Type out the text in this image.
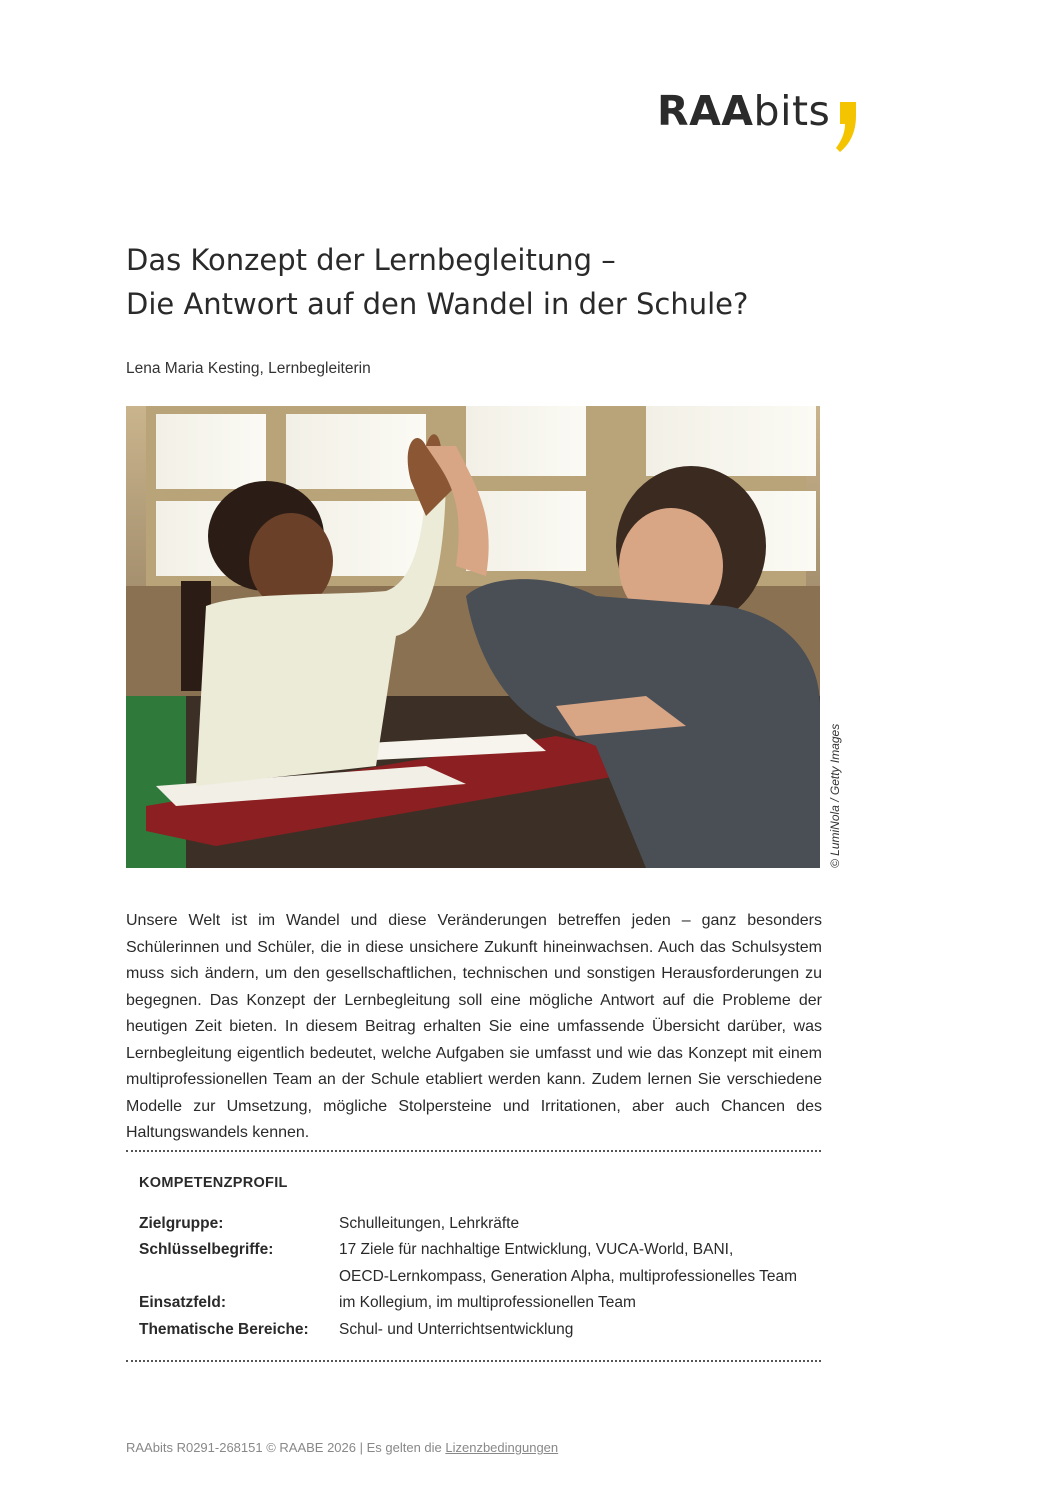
RAAbits
Das Konzept der Lernbegleitung –
Die Antwort auf den Wandel in der Schule?
Lena Maria Kesting, Lernbegleiterin
© LumiNola / Getty Images
Unsere Welt ist im Wandel und diese Veränderungen betreffen jeden – ganz besonders Schülerinnen und Schüler, die in diese unsichere Zukunft hineinwachsen. Auch das Schulsystem muss sich ändern, um den gesellschaftlichen, technischen und sonstigen Herausforderungen zu begegnen. Das Konzept der Lernbegleitung soll eine mögliche Antwort auf die Probleme der heutigen Zeit bieten. In diesem Beitrag erhalten Sie eine umfassende Übersicht darüber, was Lernbegleitung eigentlich bedeutet, welche Aufgaben sie umfasst und wie das Konzept mit einem multiprofessionellen Team an der Schule etabliert werden kann. Zudem lernen Sie verschiedene Modelle zur Umsetzung, mögliche Stolpersteine und Irritationen, aber auch Chancen des Haltungswandels kennen.
KOMPETENZPROFIL
Zielgruppe:	Schulleitungen, Lehrkräfte
Schlüsselbegriffe:	17 Ziele für nachhaltige Entwicklung, VUCA-World, BANI,
OECD-Lernkompass, Generation Alpha, multiprofessionelles Team
Einsatzfeld:	im Kollegium, im multiprofessionellen Team
Thematische Bereiche:	Schul- und Unterrichtsentwicklung
RAAbits R0291-268151 © RAABE 2026 | Es gelten die Lizenzbedingungen
